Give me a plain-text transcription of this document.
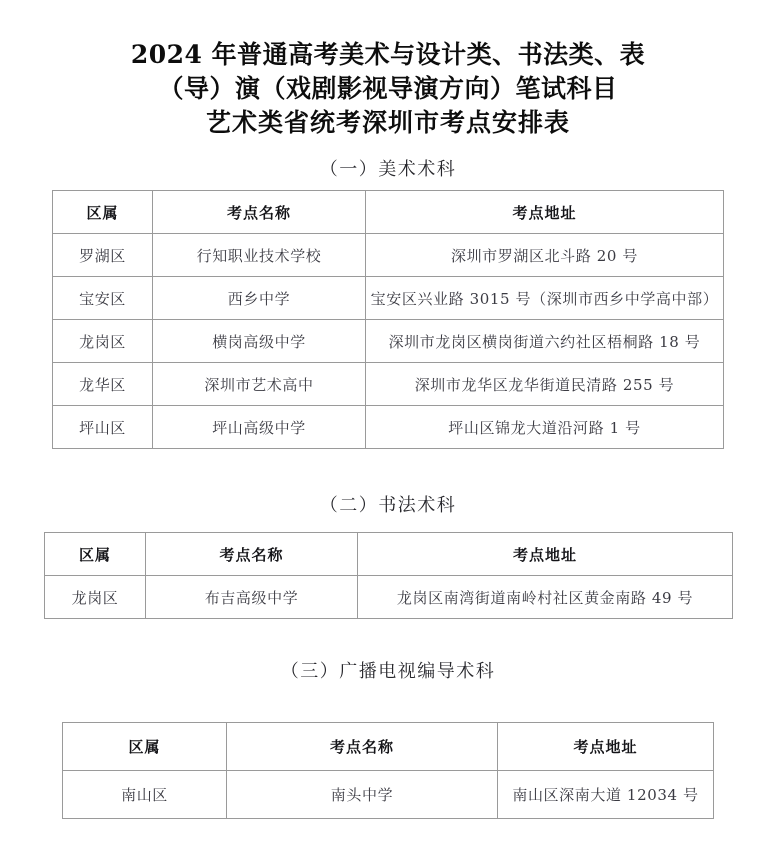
2024 年普通高考美术与设计类、书法类、表
（导）演（戏剧影视导演方向）笔试科目
艺术类省统考深圳市考点安排表
（一）美术术科
区属	考点名称	考点地址
罗湖区	行知职业技术学校	深圳市罗湖区北斗路 20 号
宝安区	西乡中学	宝安区兴业路 3015 号（深圳市西乡中学高中部）
龙岗区	横岗高级中学	深圳市龙岗区横岗街道六约社区梧桐路 18 号
龙华区	深圳市艺术高中	深圳市龙华区龙华街道民清路 255 号
坪山区	坪山高级中学	坪山区锦龙大道沿河路 1 号
（二）书法术科
区属	考点名称	考点地址
龙岗区	布吉高级中学	龙岗区南湾街道南岭村社区黄金南路 49 号
（三）广播电视编导术科
区属	考点名称	考点地址
南山区	南头中学	南山区深南大道 12034 号
